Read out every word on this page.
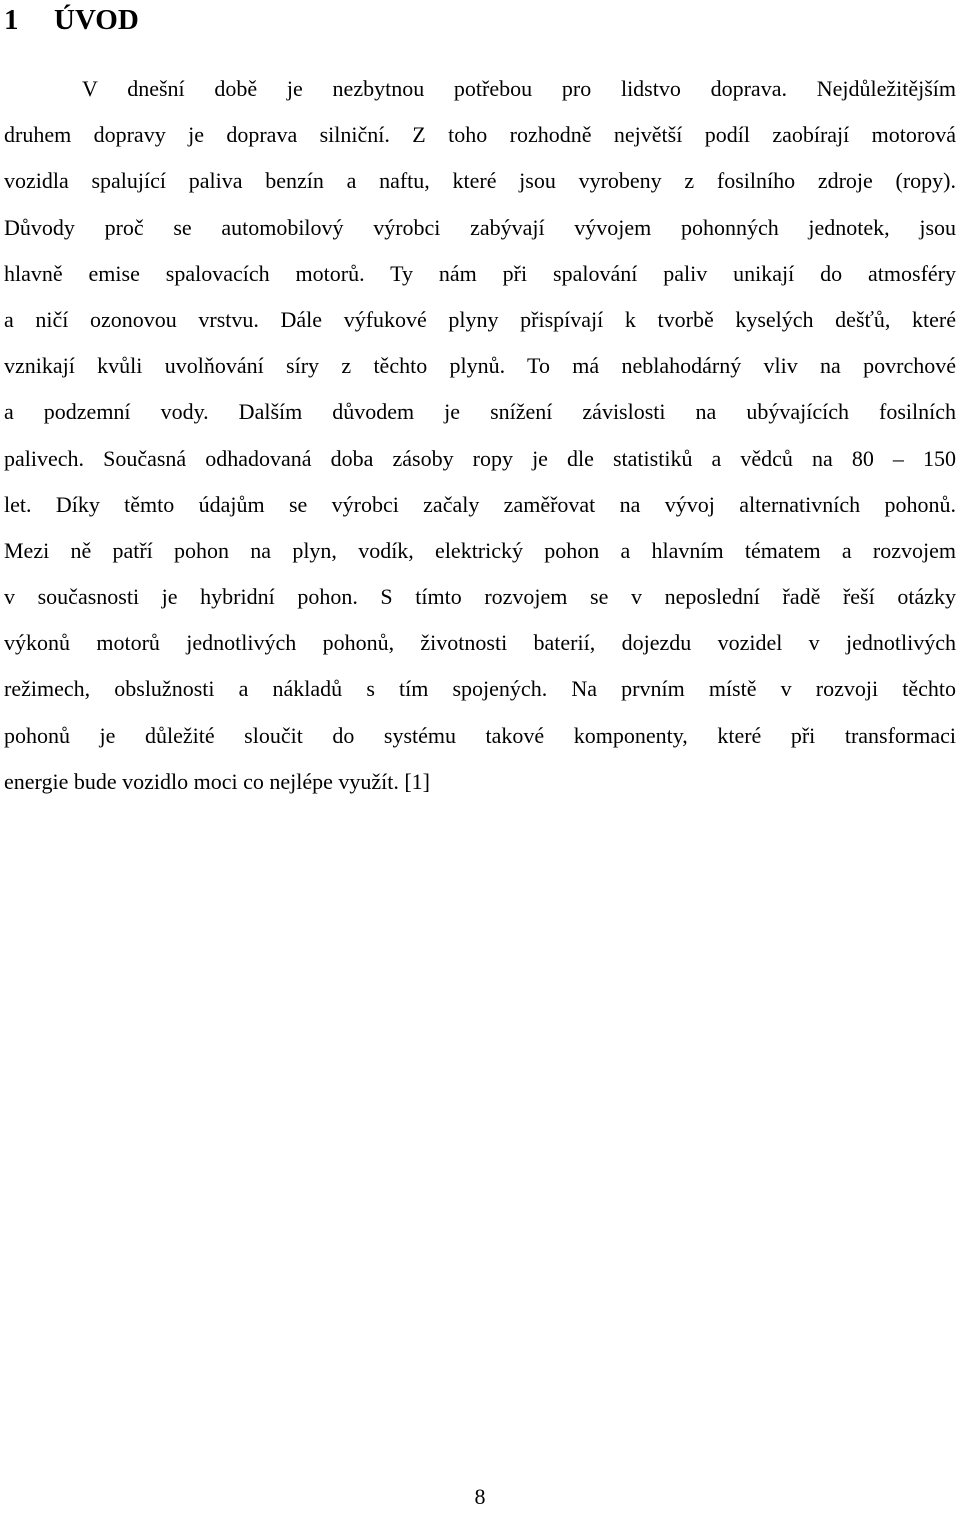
1 ÚVOD
V dnešní době je nezbytnou potřebou pro lidstvo doprava. Nejdůležitějším
druhem dopravy je doprava silniční. Z toho rozhodně největší podíl zaobírají motorová
vozidla spalující paliva benzín a naftu, které jsou vyrobeny z fosilního zdroje (ropy).
Důvody proč se automobilový výrobci zabývají vývojem pohonných jednotek, jsou
hlavně emise spalovacích motorů. Ty nám při spalování paliv unikají do atmosféry
a ničí ozonovou vrstvu. Dále výfukové plyny přispívají k tvorbě kyselých dešťů, které
vznikají kvůli uvolňování síry z těchto plynů. To má neblahodárný vliv na povrchové
a podzemní vody. Dalším důvodem je snížení závislosti na ubývajících fosilních
palivech. Současná odhadovaná doba zásoby ropy je dle statistiků a vědců na 80 – 150
let. Díky těmto údajům se výrobci začaly zaměřovat na vývoj alternativních pohonů.
Mezi ně patří pohon na plyn, vodík, elektrický pohon a hlavním tématem a rozvojem
v současnosti je hybridní pohon. S tímto rozvojem se v neposlední řadě řeší otázky
výkonů motorů jednotlivých pohonů, životnosti baterií, dojezdu vozidel v jednotlivých
režimech, obslužnosti a nákladů s tím spojených. Na prvním místě v rozvoji těchto
pohonů je důležité sloučit do systému takové komponenty, které při transformaci
energie bude vozidlo moci co nejlépe využít. [1]

8
